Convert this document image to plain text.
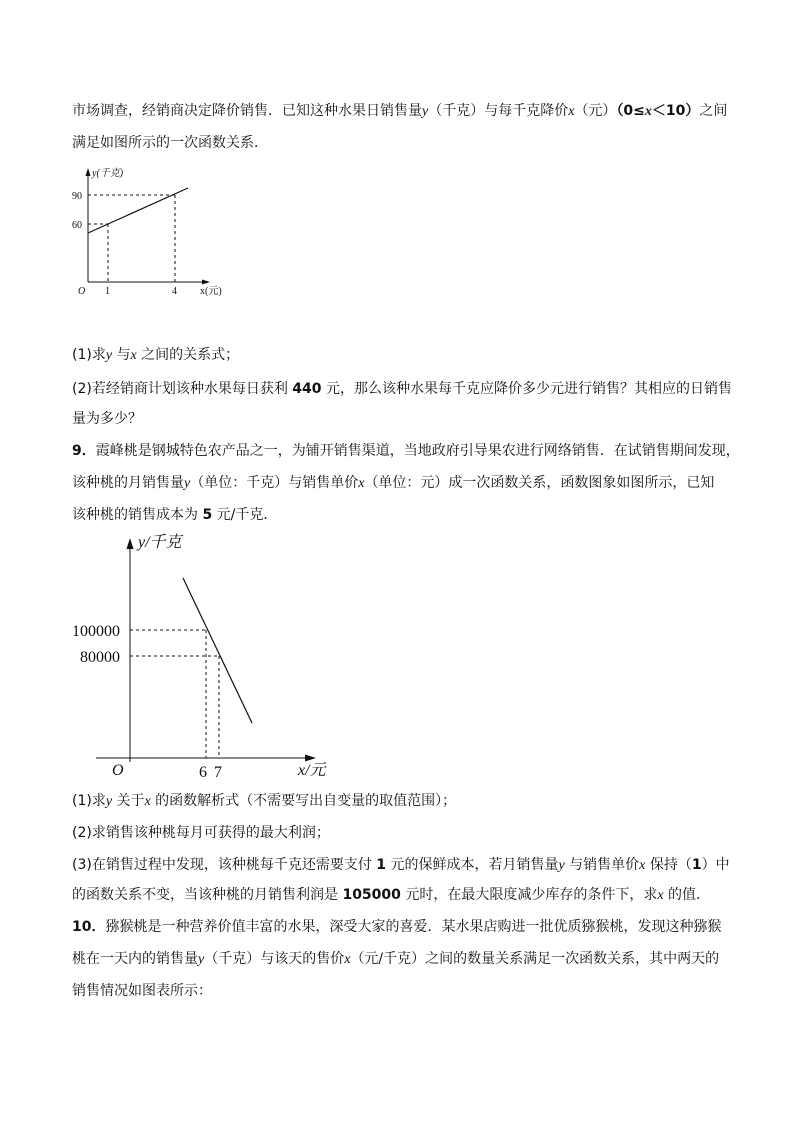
市场调查，经销商决定降价销售．已知这种水果日销售量y（千克）与每千克降价x（元）（0≤x＜10）之间
满足如图所示的一次函数关系．
y(千克)
x(元)
O
90
60
1	4
(1)求y 与x 之间的关系式；
(2)若经销商计划该种水果每日获利 440 元，那么该种水果每千克应降价多少元进行销售？其相应的日销售
量为多少？
9．霞峰桃是钢城特色农产品之一，为铺开销售渠道，当地政府引导果农进行网络销售．在试销售期间发现，
该种桃的月销售量y（单位：千克）与销售单价x（单位：元）成一次函数关系，函数图象如图所示，已知
该种桃的销售成本为 5 元/千克．
y/千克
x/元
O
100000
80000
6 7
(1)求y 关于x 的函数解析式（不需要写出自变量的取值范围）；
(2)求销售该种桃每月可获得的最大利润；
(3)在销售过程中发现，该种桃每千克还需要支付 1 元的保鲜成本，若月销售量y 与销售单价x 保持（1）中
的函数关系不变，当该种桃的月销售利润是 105000 元时，在最大限度减少库存的条件下，求x 的值．
10．猕猴桃是一种营养价值丰富的水果，深受大家的喜爱．某水果店购进一批优质猕猴桃，发现这种猕猴
桃在一天内的销售量y（千克）与该天的售价x（元/千克）之间的数量关系满足一次函数关系，其中两天的
销售情况如图表所示：
